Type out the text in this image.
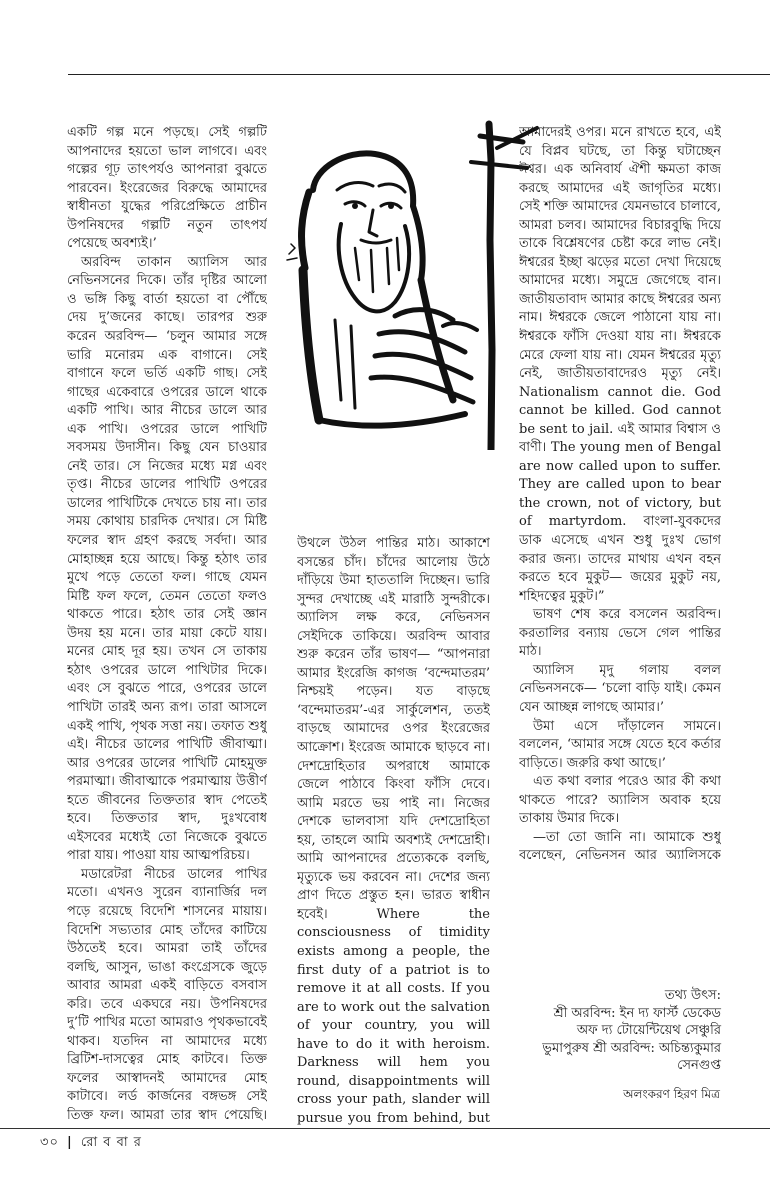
একটি গল্প মনে পড়ছে। সেই গল্পটি আপনাদের হয়তো ভাল লাগবে। এবং গল্পের গূঢ় তাৎপর্যও আপনারা বুঝতে পারবেন। ইংরেজের বিরুদ্ধে আমাদের স্বাধীনতা যুদ্ধের পরিপ্রেক্ষিতে প্রাচীন উপনিষদের গল্পটি নতুন তাৎপর্য পেয়েছে অবশ্যই।’

অরবিন্দ তাকান অ্যালিস আর নেভিনসনের দিকে। তাঁর দৃষ্টির আলো ও ভঙ্গি কিছু বার্তা হয়তো বা পৌঁছে দেয় দু’জনের কাছে। তারপর শুরু করেন অরবিন্দ— ‘চলুন আমার সঙ্গে ভারি মনোরম এক বাগানে। সেই বাগানে ফলে ভর্তি একটি গাছ। সেই গাছের একেবারে ওপরের ডালে থাকে একটি পাখি। আর নীচের ডালে আর এক পাখি। ওপরের ডালে পাখিটি সবসময় উদাসীন। কিছু যেন চাওয়ার নেই তার। সে নিজের মধ্যে মগ্ন এবং তৃপ্ত। নীচের ডালের পাখিটি ওপরের ডালের পাখিটিকে দেখতে চায় না। তার সময় কোথায় চারদিক দেখার। সে মিষ্টি ফলের স্বাদ গ্রহণ করছে সর্বদা। আর মোহাচ্ছন্ন হয়ে আছে। কিন্তু হঠাৎ তার মুখে পড়ে তেতো ফল। গাছে যেমন মিষ্টি ফল ফলে, তেমন তেতো ফলও থাকতে পারে। হঠাৎ তার সেই জ্ঞান উদয় হয় মনে। তার মায়া কেটে যায়। মনের মোহ দূর হয়। তখন সে তাকায় হঠাৎ ওপরের ডালে পাখিটার দিকে। এবং সে বুঝতে পারে, ওপরের ডালে পাখিটা তারই অন্য রূপ। তারা আসলে একই পাখি, পৃথক সত্তা নয়। তফাত শুধু এই। নীচের ডালের পাখিটি জীবাত্মা। আর ওপরের ডালের পাখিটি মোহমুক্ত পরমাত্মা। জীবাত্মাকে পরমাত্মায় উত্তীর্ণ হতে জীবনের তিক্ততার স্বাদ পেতেই হবে। তিক্ততার স্বাদ, দুঃখবোধ এইসবের মধ্যেই তো নিজেকে বুঝতে পারা যায়। পাওয়া যায় আত্মপরিচয়।

মডারেটরা নীচের ডালের পাখির মতো। এখনও সুরেন ব্যানার্জির দল পড়ে রয়েছে বিদেশি শাসনের মায়ায়। বিদেশি সভ্যতার মোহ তাঁদের কাটিয়ে উঠতেই হবে। আমরা তাই তাঁদের বলছি, আসুন, ভাঙা কংগ্রেসকে জুড়ে আবার আমরা একই বাড়িতে বসবাস করি। তবে একঘরে নয়। উপনিষদের দু’টি পাখির মতো আমরাও পৃথকভাবেই থাকব। যতদিন না আমাদের মধ্যে ব্রিটিশ-দাসত্বের মোহ কাটবে। তিক্ত ফলের আস্বাদনই আমাদের মোহ কাটাবে। লর্ড কার্জনের বঙ্গভঙ্গ সেই তিক্ত ফল। আমরা তার স্বাদ পেয়েছি।

উথলে উঠল পান্তির মাঠ। আকাশে বসন্তের চাঁদ। চাঁদের আলোয় উঠে দাঁড়িয়ে উমা হাততালি দিচ্ছেন। ভারি সুন্দর দেখাচ্ছে এই মারাঠি সুন্দরীকে। অ্যালিস লক্ষ করে, নেভিনসন সেইদিকে তাকিয়ে। অরবিন্দ আবার শুরু করেন তাঁর ভাষণ— “আপনারা আমার ইংরেজি কাগজ ‘বন্দেমাতরম’ নিশ্চয়ই পড়েন। যত বাড়ছে ‘বন্দেমাতরম’-এর সার্কুলেশন, ততই বাড়ছে আমাদের ওপর ইংরেজের আক্রোশ। ইংরেজ আমাকে ছাড়বে না। দেশদ্রোহিতার অপরাধে আমাকে জেলে পাঠাবে কিংবা ফাঁসি দেবে। আমি মরতে ভয় পাই না। নিজের দেশকে ভালবাসা যদি দেশদ্রোহিতা হয়, তাহলে আমি অবশ্যই দেশদ্রোহী। আমি আপনাদের প্রত্যেককে বলছি, মৃত্যুকে ভয় করবেন না। দেশের জন্য প্রাণ দিতে প্রস্তুত হন। ভারত স্বাধীন হবেই। Where the consciousness of timidity exists among a people, the first duty of a patriot is to remove it at all costs. If you are to work out the salvation of your country, you will have to do it with heroism. Darkness will hem you round, disappointments will cross your path, slander will pursue you from behind, but

আমাদেরই ওপর। মনে রাখতে হবে, এই যে বিপ্লব ঘটছে, তা কিন্তু ঘটাচ্ছেন ঈশ্বর। এক অনিবার্য ঐশী ক্ষমতা কাজ করছে আমাদের এই জাগৃতির মধ্যে। সেই শক্তি আমাদের যেমনভাবে চালাবে, আমরা চলব। আমাদের বিচারবুদ্ধি দিয়ে তাকে বিশ্লেষণের চেষ্টা করে লাভ নেই। ঈশ্বরের ইচ্ছা ঝড়ের মতো দেখা দিয়েছে আমাদের মধ্যে। সমুদ্রে জেগেছে বান। জাতীয়তাবাদ আমার কাছে ঈশ্বরের অন্য নাম। ঈশ্বরকে জেলে পাঠানো যায় না। ঈশ্বরকে ফাঁসি দেওয়া যায় না। ঈশ্বরকে মেরে ফেলা যায় না। যেমন ঈশ্বরের মৃত্যু নেই, জাতীয়তাবাদেরও মৃত্যু নেই। Nationalism cannot die. God cannot be killed. God cannot be sent to jail. এই আমার বিশ্বাস ও বাণী। The young men of Bengal are now called upon to suffer. They are called upon to bear the crown, not of victory, but of martyrdom. বাংলা-যুবকদের ডাক এসেছে এখন শুধু দুঃখ ভোগ করার জন্য। তাদের মাথায় এখন বহন করতে হবে মুকুট— জয়ের মুকুট নয়, শহিদত্বের মুকুট।”

ভাষণ শেষ করে বসলেন অরবিন্দ। করতালির বন্যায় ভেসে গেল পান্তির মাঠ।

অ্যালিস মৃদু গলায় বলল নেভিনসনকে— ‘চলো বাড়ি যাই। কেমন যেন আচ্ছন্ন লাগছে আমার।’

উমা এসে দাঁড়ালেন সামনে। বললেন, ‘আমার সঙ্গে যেতে হবে কর্তার বাড়িতে। জরুরি কথা আছে।’

এত কথা বলার পরেও আর কী কথা থাকতে পারে? অ্যালিস অবাক হয়ে তাকায় উমার দিকে।

—তা তো জানি না। আমাকে শুধু বলেছেন, নেভিনসন আর অ্যালিসকে

তথ্য উৎস:

শ্রী অরবিন্দ: ইন দ্য ফার্স্ট ডেকেড

অফ দ্য টোয়েন্টিয়েথ সেঞ্চুরি

ভুমাপুরুষ শ্রী অরবিন্দ: অচিন্ত্যকুমার

সেনগুপ্ত

অলংকরণ হিরণ মিত্র
৩০ | রো ব বা র
